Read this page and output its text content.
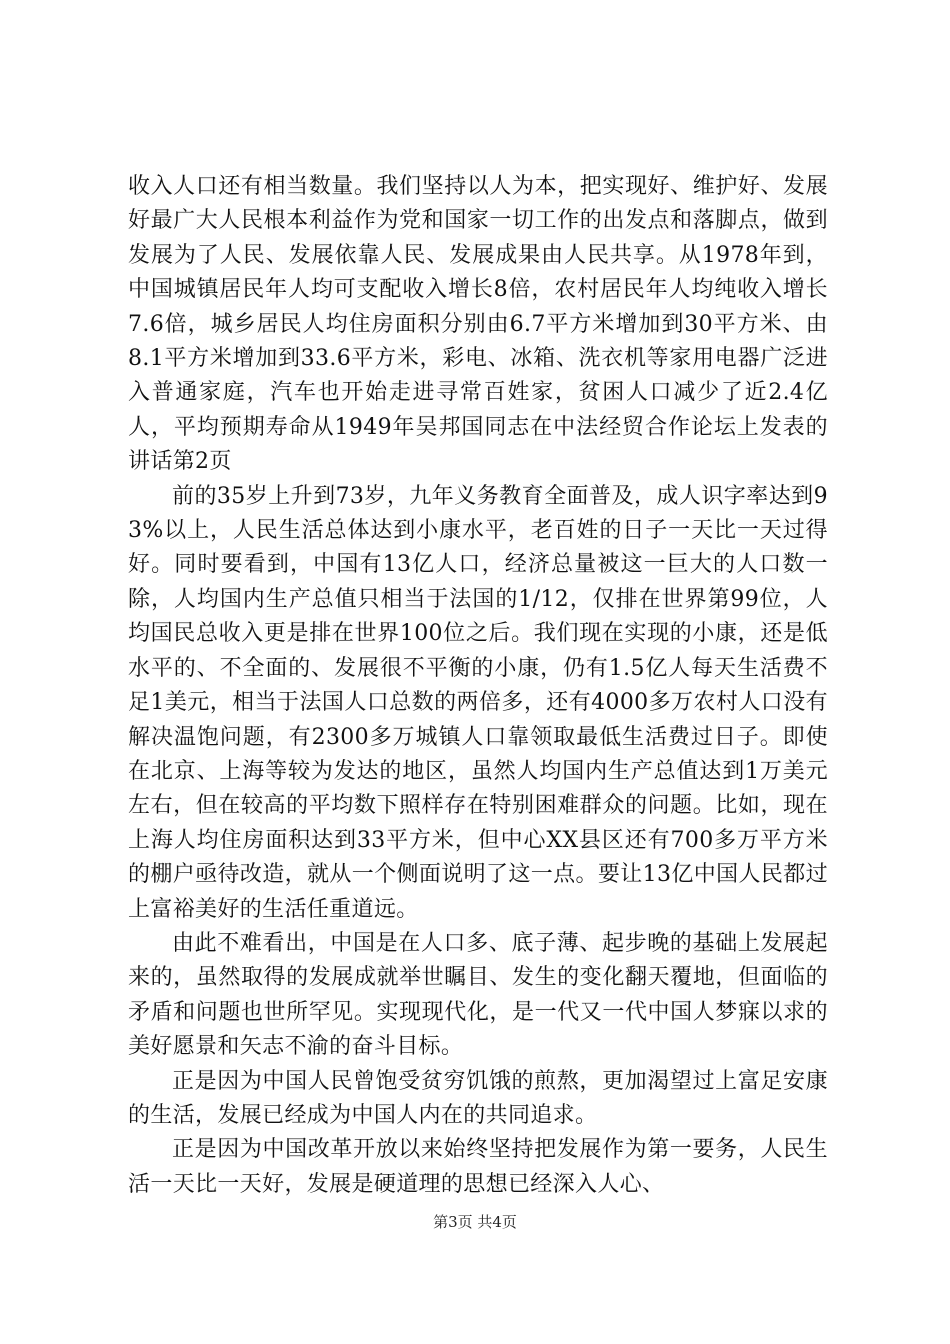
收入人口还有相当数量。我们坚持以人为本，把实现好、维护好、发展好最广大人民根本利益作为党和国家一切工作的出发点和落脚点，做到发展为了人民、发展依靠人民、发展成果由人民共享。从1978年到，中国城镇居民年人均可支配收入增长8倍，农村居民年人均纯收入增长7.6倍，城乡居民人均住房面积分别由6.7平方米增加到30平方米、由8.1平方米增加到33.6平方米，彩电、冰箱、洗衣机等家用电器广泛进入普通家庭，汽车也开始走进寻常百姓家，贫困人口减少了近2.4亿人，平均预期寿命从1949年吴邦国同志在中法经贸合作论坛上发表的讲话第2页

前的35岁上升到73岁，九年义务教育全面普及，成人识字率达到93%以上，人民生活总体达到小康水平，老百姓的日子一天比一天过得好。同时要看到，中国有13亿人口，经济总量被这一巨大的人口数一除，人均国内生产总值只相当于法国的1/12，仅排在世界第99位，人均国民总收入更是排在世界100位之后。我们现在实现的小康，还是低水平的、不全面的、发展很不平衡的小康，仍有1.5亿人每天生活费不足1美元，相当于法国人口总数的两倍多，还有4000多万农村人口没有解决温饱问题，有2300多万城镇人口靠领取最低生活费过日子。即使在北京、上海等较为发达的地区，虽然人均国内生产总值达到1万美元左右，但在较高的平均数下照样存在特别困难群众的问题。比如，现在上海人均住房面积达到33平方米，但中心XX县区还有700多万平方米的棚户亟待改造，就从一个侧面说明了这一点。要让13亿中国人民都过上富裕美好的生活任重道远。

由此不难看出，中国是在人口多、底子薄、起步晚的基础上发展起来的，虽然取得的发展成就举世瞩目、发生的变化翻天覆地，但面临的矛盾和问题也世所罕见。实现现代化，是一代又一代中国人梦寐以求的美好愿景和矢志不渝的奋斗目标。

正是因为中国人民曾饱受贫穷饥饿的煎熬，更加渴望过上富足安康的生活，发展已经成为中国人内在的共同追求。

正是因为中国改革开放以来始终坚持把发展作为第一要务，人民生活一天比一天好，发展是硬道理的思想已经深入人心、

第3页 共4页
